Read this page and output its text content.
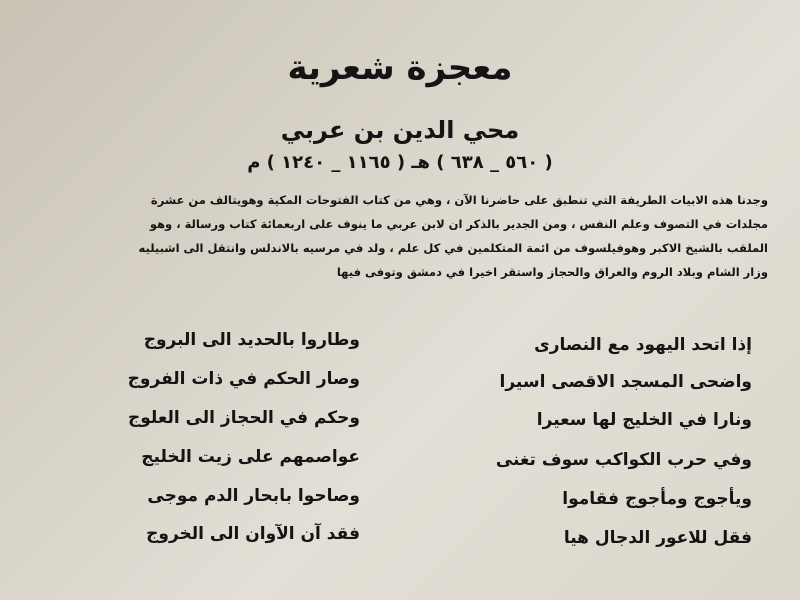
معجزة شعرية
محي الدين بن عربي
( ٥٦٠ _ ٦٣٨ ) هـ ( ١١٦٥ _ ١٢٤٠ ) م

وجدنا هذه الابيات الطريفة التي تنطبق على حاضرنا الآن ، وهي من كتاب الفتوحات المكية وهويتالف من عشرة

مجلدات في التصوف وعلم النفس ، ومن الجدير بالذكر ان لابن عربي ما ينوف على اربعمائة كتاب ورسالة ، وهو

الملقب بالشيخ الاكبر وهوفيلسوف من ائمة المتكلمين في كل علم ، ولد في مرسيه بالاندلس وانتقل الى اشبيليه

وزار الشام وبلاد الروم والعراق والحجاز واستقر اخيرا في دمشق وتوفى فيها

إذا اتحد اليهود مع النصارى
وطاروا بالحديد الى البروج
واضحى المسجد الاقصى اسيرا
وصار الحكم في ذات الفروج
ونارا في الخليج لها سعيرا
وحكم في الحجاز الى العلوج
وفي حرب الكواكب سوف تغنى
عواصمهم على زيت الخليج
ويأجوج ومأجوج فقاموا
وصاحوا بابحار الدم موجى
فقل للاعور الدجال هيا
فقد آن الآوان الى الخروج
